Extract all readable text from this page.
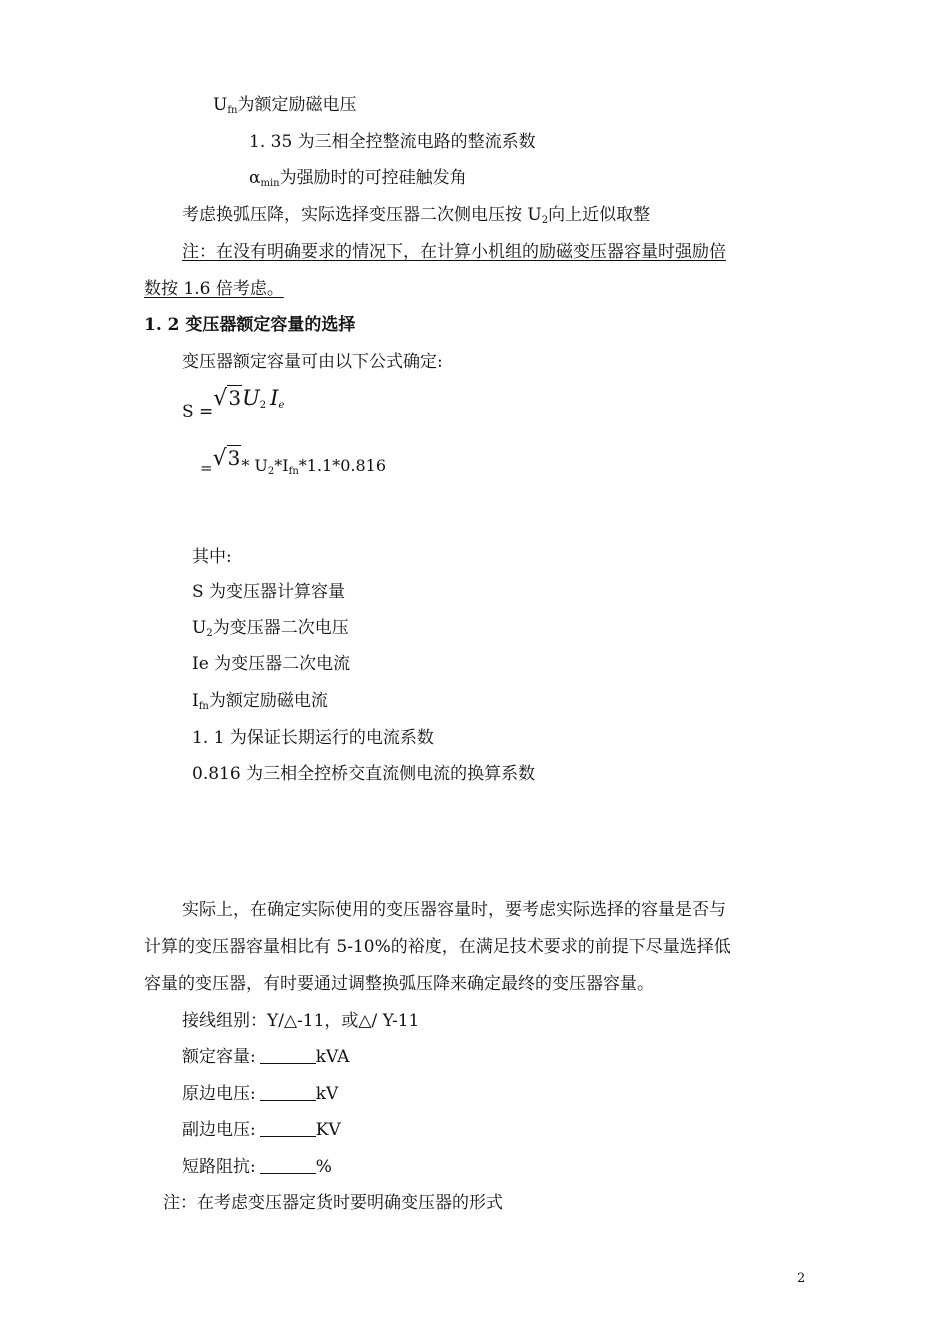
$U_{fn}$为额定励磁电压
1. 35 为三相全控整流电路的整流系数
$\alpha_{min}$为强励时的可控硅触发角
考虑换弧压降，实际选择变压器二次侧电压按 $U_2$向上近似取整
注：在没有明确要求的情况下，在计算小机组的励磁变压器容量时强励倍
数按 1.6 倍考虑。
1. 2 变压器额定容量的选择
变压器额定容量可由以下公式确定:
$S =√3U_2$ $I_e$
=√3* $U_2*I_{fn}*1.1*0.816$
其中:
S 为变压器计算容量
$U_2$为变压器二次电压
Ie 为变压器二次电流
$I_{fn}$为额定励磁电流
1. 1 为保证长期运行的电流系数
0.816 为三相全控桥交直流侧电流的换算系数
实际上，在确定实际使用的变压器容量时，要考虑实际选择的容量是否与
计算的变压器容量相比有 5-10%的裕度，在满足技术要求的前提下尽量选择低
容量的变压器，有时要通过调整换弧压降来确定最终的变压器容量。
接线组别：Y/△-11，或△/ Y-11
额定容量:	kVA
原边电压:	kV
副边电压:	KV
短路阻抗:	%
注：在考虑变压器定货时要明确变压器的形式
2
